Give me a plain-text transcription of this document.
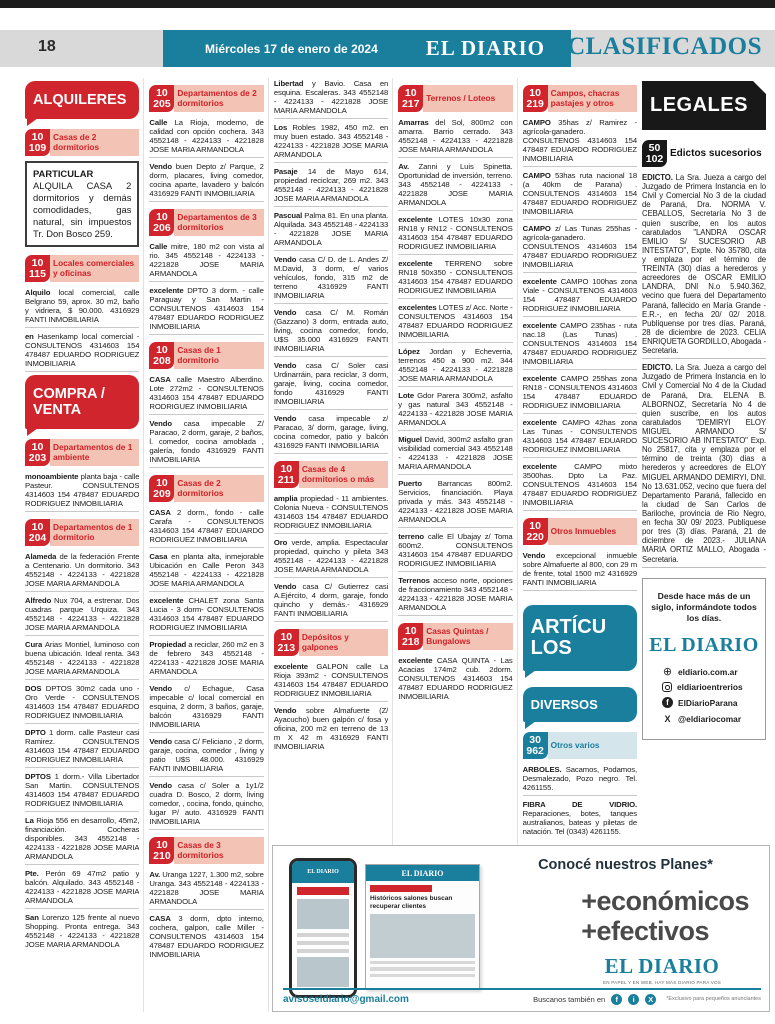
18	Miércoles 17 de enero de 2024 EL DIARIO CLASIFICADOS
ALQUILERES
10
109
Casas de 2 dormitorios

PARTICULAR ALQUILA CASA 2 dormitorios y demás comodidades, gas natural, sin impuestos Tr. Don Bosco 259.

10
115
Locales comerciales y oficinas

Alquilo local comercial, calle Belgrano 59, aprox. 30 m2, baño y vidriera, $ 90.000. 4316929 FANTI INMOBILIARIA

en Hasenkamp local comercial - CONSULTENOS 4314603 154 478487 EDUARDO RODRIGUEZ INMOBILIARIA

COMPRA / VENTA
10
203
Departamentos de 1 ambiente

monoambiente planta baja - calle Pasteur. CONSULTENOS 4314603 154 478487 EDUARDO RODRIGUEZ INMOBILIARIA

10
204
Departamentos de 1 dormitorio

Alameda de la federación Frente a Centenario. Un dormitorio. 343 4552148 - 4224133 - 4221828 JOSE MARIA ARMANDOLA

Alfredo Nux 704, a estrenar. Dos cuadras parque Urquiza. 343 4552148 - 4224133 - 4221828 JOSE MARIA ARMANDOLA

Cura Arias Montiel, luminoso con buena ubicación. Ideal renta. 343 4552148 - 4224133 - 4221828 JOSE MARIA ARMANDOLA

DOS DPTOS 30m2 cada uno - Oro Verde - CONSULTENOS 4314603 154 478487 EDUARDO RODRIGUEZ INMOBILIARIA

DPTO 1 dorm. calle Pasteur casi Ramirez. CONSULTENOS 4314603 154 478487 EDUARDO RODRIGUEZ INMOBILIARIA

DPTOS 1 dorm.- Villa Libertador San Martin. CONSULTENOS 4314603 154 478487 EDUARDO RODRIGUEZ INMOBILIARIA

La Rioja 556 en desarrollo, 45m2, financiación. Cocheras disponibles. 343 4552148 - 4224133 - 4221828 JOSE MARIA ARMANDOLA

Pte. Perón 69 47m2 patio y balcón. Alquilado. 343 4552148 - 4224133 - 4221828 JOSE MARIA ARMANDOLA

San Lorenzo 125 frente al nuevo Shopping. Pronta entrega. 343 4552148 - 4224133 - 4221828 JOSE MARIA ARMANDOLA

10
205
Departamentos de 2 dormitorios

Calle La Rioja, moderno, de calidad con opción cochera. 343 4552148 - 4224133 - 4221828 JOSE MARIA ARMANDOLA

Vendo buen Depto z/ Parque, 2 dorm, placares, living comedor, cocina aparte, lavadero y balcón 4316929 FANTI INMOBILIARIA

10
206
Departamentos de 3 dormitorios

Calle mitre, 180 m2 con vista al rio. 345 4552148 - 4224133 - 4221828 JOSE MARIA ARMANDOLA

excelente DPTO 3 dorm. - calle Paraguay y San Martin - CONSULTENOS 4314603 154 478487 EDUARDO RODRIGUEZ INMOBILIARIA

10
208
Casas de 1 dormitorio

CASA calle Maestro Alberdino. Lote 272m2 - CONSULTENOS 4314603 154 478487 EDUARDO RODRIGUEZ INMOBILIARIA

Vendo casa impecable Z/ Paracao, 2 dorm, garaje, 2 baños, l. comedor, cocina amoblada , galería, fondo 4316929 FANTI INMOBILIARIA

10
209
Casas de 2 dormitorios

CASA 2 dorm., fondo - calle Carafa - CONSULTENOS 4314603 154 478487 EDUARDO RODRIGUEZ INMOBILIARIA

Casa en planta alta, inmejorable Ubicación en Calle Peron 343 4552148 - 4224133 - 4221828 JOSE MARIA ARMANDOLA

excelente CHALET zona Santa Lucia - 3 dorm- CONSULTENOS 4314603 154 478487 EDUARDO RODRIGUEZ INMOBILIARIA

Propiedad a reciclar, 260 m2 en 3 de febrero 343 4552148 - 4224133 - 4221828 JOSE MARIA ARMANDOLA

Vendo c/ Echague, Casa impecable c/ local comercial en esquina, 2 dorm, 3 baños, garaje, balcón 4316929 FANTI INMOBILIARIA

Vendo casa C/ Feliciano , 2 dorm, garaje, cocina, comedor , living y patio U$S 48.000. 4316929 FANTI INMOBILIARIA

Vendo casa c/ Soler a 1y1/2 cuadra D. Bosco, 2 dorm, living comedor, , cocina, fondo, quincho, lugar P/ auto. 4316929 FANTI INMOBILIARIA

10
210
Casas de 3 dormitorios

Av. Uranga 1227, 1.300 m2, sobre Uranga. 343 4552148 - 4224133 - 4221828 JOSE MARIA ARMANDOLA

CASA 3 dorm, dpto interno, cochera, galpon, calle Miller - CONSULTENOS 4314603 154 478487 EDUARDO RODRIGUEZ INMOBILIARIA

Libertad y Bavio. Casa en esquina. Escaleras. 343 4552148 - 4224133 - 4221828 JOSE MARIA ARMANDOLA

Los Robles 1982, 450 m2. en muy buen estado. 343 4552148 - 4224133 - 4221828 JOSE MARIA ARMANDOLA

Pasaje 14 de Mayo 614, propiedad reciclcar, 269 m2. 343 4552148 - 4224133 - 4221828 JOSE MARIA ARMANDOLA

Pascual Palma 81. En una planta. Alquilada. 343 4552148 - 4224133 - 4221828 JOSE MARIA ARMANDOLA

Vendo casa C/ D. de L. Andes Z/ M.David, 3 dorm, e/ varios vehículos, fondo, 315 m2 de terreno 4316929 FANTI INMOBILIARIA

Vendo casa C/ M. Román (Gazzano) 3 dorm, entrada auto, living, cocina comedor, fondo, U$S 35.000 4316929 FANTI INMOBILIARIA

Vendo casa C/ Soler casi Urdinarráin, para reciclar, 3 dorm, garaje, living, cocina comedor, fondo 4316929 FANTI INMOBILIARIA

Vendo casa impecable z/ Paracao, 3/ dorm, garage, living, cocina comedor, patio y balcón 4316929 FANTI INMOBILIARIA

10
211
Casas de 4 dormitorios o más

amplia propiedad - 11 ambientes. Colonia Nueva - CONSULTENOS 4314603 154 478487 EDUARDO RODRIGUEZ INMOBILIARIA

Oro verde, amplia. Espectacular propiedad, quincho y pileta 343 4552148 - 4224133 - 4221828 JOSE MARIA ARMANDOLA

Vendo casa C/ Gutierrez casi A.Ejército, 4 dorm, garaje, fondo quincho y demás.- 4316929 FANTI INMOBILIARIA

10
213
Depósitos y galpones

excelente GALPON calle La Rioja 393m2 - CONSULTENOS 4314603 154 478487 EDUARDO RODRIGUEZ INMOBILIARIA

Vendo sobre Almafuerte (Z/ Ayacucho) buen galpón c/ fosa y oficina, 200 m2 en terreno de 13 m X 42 m 4316929 FANTI INMOBILIARIA

10
217
Terrenos / Loteos

Amarras del Sol, 800m2 con amarra. Barrio cerrado. 343 4552148 - 4224133 - 4221828 JOSE MARIA ARMANDOLA

Av. Zanni y Luis Spinetta. Oportunidad de inversión, terreno. 343 4552148 - 4224133 - 4221828 JOSE MARIA ARMANDOLA

excelente LOTES 10x30 zona RN18 y RN12 - CONSULTENOS 4314603 154 478487 EDUARDO RODRIGUEZ INMOBILIARIA

excelente TERRENO sobre RN18 50x350 - CONSULTENOS 4314603 154 478487 EDUARDO RODRIGUEZ INMOBILIARIA

excelentes LOTES z/ Acc. Norte - CONSULTENOS 4314603 154 478487 EDUARDO RODRIGUEZ INMOBILIARIA

López Jordan y Echeverria, terrenos 450 a 900 m2. 344 4552148 - 4224133 - 4221828 JOSE MARIA ARMANDOLA

Lote Gdor Parera 300m2, asfalto y gas natural 343 4552148 - 4224133 - 4221828 JOSE MARIA ARMANDOLA

Miguel David, 300m2 asfalto gran visibilidad comercial 343 4552148 - 4224133 - 4221828 JOSE MARIA ARMANDOLA

Puerto Barrancas 800m2. Servicios, financiación. Playa privada y más. 343 4552148 - 4224133 - 4221828 JOSE MARIA ARMANDOLA

terreno calle El Ubajay z/ Toma 600m2. CONSULTENOS 4314603 154 478487 EDUARDO RODRIGUEZ INMOBILIARIA

Terrenos acceso norte, opciones de fraccionamiento 343 4552148 - 4224133 - 4221828 JOSE MARIA ARMANDOLA

10
218
Casas Quintas / Bungalows

excelente CASA QUINTA - Las Acacias 174m2 cub. 2dorm. CONSULTENOS 4314603 154 478487 EDUARDO RODRIGUEZ INMOBILIARIA

10
219
Campos, chacras pastajes y otros

CAMPO 35has z/ Ramirez - agrícola-ganadero. CONSULTENOS 4314603 154 478487 EDUARDO RODRIGUEZ INMOBILIARIA

CAMPO 53has ruta nacional 18 (a 40km de Parana) . CONSULTENOS 4314603 154 478487 EDUARDO RODRIGUEZ INMOBILIARIA

CAMPO z/ Las Tunas 255has - agrícola-ganadero. CONSULTENOS 4314603 154 478487 EDUARDO RODRIGUEZ INMOBILIARIA

excelente CAMPO 100has zona Viale - CONSULTENOS 4314603 154 478487 EDUARDO RODRIGUEZ INMOBILIARIA

excelente CAMPO 235has - ruta nac.18 (Las Tunas) . CONSULTENOS 4314603 154 478487 EDUARDO RODRIGUEZ INMOBILIARIA

excelente CAMPO 255has zona RN18 - CONSULTENOS 4314603 154 478487 EDUARDO RODRIGUEZ INMOBILIARIA

excelente CAMPO 42has zona Las Tunas - CONSULTENOS 4314603 154 478487 EDUARDO RODRIGUEZ INMOBILIARIA

excelente CAMPO mixto 3500has. Dpto La Paz. CONSULTENOS 4314603 154 478487 EDUARDO RODRIGUEZ INMOBILIARIA

10
220
Otros Inmuebles

Vendo excepcional inmueble sobre Almafuerte al 800, con 29 m de frente, total 1500 m2 4316929 FANTI INMOBILIARIA

ARTÍCULOS
DIVERSOS
30
962
Otros varios

ARBOLES. Sacamos, Podamos, Desmalezado, Pozo negro. Tel. 4261155.

FIBRA DE VIDRIO. Reparaciones, botes, tanques australianos, bateas y piletas de natación. Tel (0343) 4261155.

LEGALES
50
102 Edictos sucesorios

EDICTO. La Sra. Jueza a cargo del Juzgado de Primera Instancia en lo Civil y Comercial No 3 de la ciudad de Paraná, Dra. NORMA V. CEBALLOS, Secretaría No 3 de quien suscribe, en los autos caratulados "LANDRA OSCAR EMILIO S/ SUCESORIO AB INTESTATO", Expte. No 35780, cita y emplaza por el término de TREINTA (30) días a herederos y acreedores de OSCAR EMILIO LANDRA, DNI N.o 5.940.362, vecino que fuera del Departamento Paraná, fallecido en María Grande -E.R.-, en fecha 20/ 02/ 2018. Publíquense por tres días. Paraná, 28 de diciembre de 2023. CELIA ENRIQUETA GORDILLO, Abogada - Secretaria.

EDICTO. La Sra. Jueza a cargo del Juzgado de Primera Instancia en lo Civil y Comercial No 4 de la Ciudad de Paraná, Dra. ELENA B. ALBORNOZ, Secretaría No 4 de quien suscribe, en los autos caratulados "DEMIRYI ELOY MIGUEL ARMANDO S/ SUCESORIO AB INTESTATO" Exp. No 25817, cita y emplaza por el término de treinta (30) días a herederos y acreedores de ELOY MIGUEL ARMANDO DEMIRYI, DNI. No 13.631.052, vecino que fuera del Departamento Paraná, fallecido en la ciudad de San Carlos de Bariloche, provincia de Rio Negro, en fecha 30/ 09/ 2023. Publíquese por tres (3) días. Paraná, 21 de diciembre de 2023.- JULIANA MARIA ORTIZ MALLO, Abogada - Secretaria.

Desde hace más de un siglo, informándote todos los días.
EL DIARIO
⊕
eldiario.com.ar
eldiarioentrerios
f
ElDiarioParana
X
@eldiariocomar
Conocé nuestros Planes*
EL DIARIO	EL DIARIO
Históricos salones buscan recuperar clientes	+económicos
+efectivos
EL DIARIO
EN PAPEL Y EN WEB, HAY MÁS DIARIO PARA VOS
avisoseldiario@gmail.com	Buscanos también en	f	i	X	*Exclusivo para pequeños anunciantes
